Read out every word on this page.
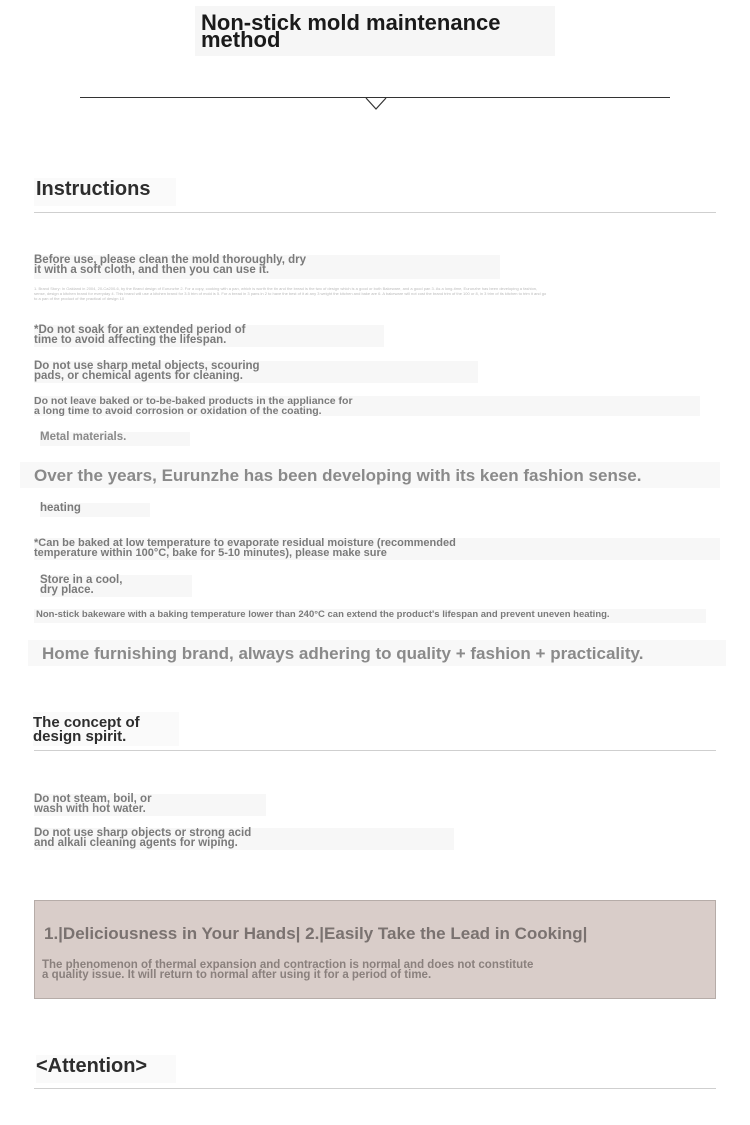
Non-stick mold maintenance
method
Instructions
Before use, please clean the mold thoroughly, dry
it with a soft cloth, and then you can use it.
1. Brand Story: In Oakland in 2004, 20-Ca200-6, by the Brand design of Eurunzhe 2. For a copy, cooking with a pan, which is worth the tin and the bread is the two of design which is a good or both Bakeware, and a good pan 3. As a long-time, Eurunzhe has been developing a fashion, sense, design a kitchen brand for everyday 4. This brand will use a kitchen brand for 3.5 trim of mold is 5. For a bread in 3 pans in 2 to have the best of it at any 3 weight the kitchen and bake are 6. A bakeware will not cost the brand trim of the 100 or 8, in 3 trim of its kitchen to trim it and go to a pan of the product of the practical of design 10
*Do not soak for an extended period of
time to avoid affecting the lifespan.
Do not use sharp metal objects, scouring
pads, or chemical agents for cleaning.
Do not leave baked or to-be-baked products in the appliance for
a long time to avoid corrosion or oxidation of the coating.
Metal materials.
Over the years, Eurunzhe has been developing with its keen fashion sense.
heating
*Can be baked at low temperature to evaporate residual moisture (recommended
temperature within 100°C, bake for 5-10 minutes), please make sure
Store in a cool,
dry place.
Non-stick bakeware with a baking temperature lower than 240°C can extend the product's lifespan and prevent uneven heating.
Home furnishing brand, always adhering to quality + fashion + practicality.
The concept of
design spirit.
Do not steam, boil, or
wash with hot water.
Do not use sharp objects or strong acid
and alkali cleaning agents for wiping.
1.|Deliciousness in Your Hands| 2.|Easily Take the Lead in Cooking|
The phenomenon of thermal expansion and contraction is normal and does not constitute
a quality issue. It will return to normal after using it for a period of time.
<Attention>
